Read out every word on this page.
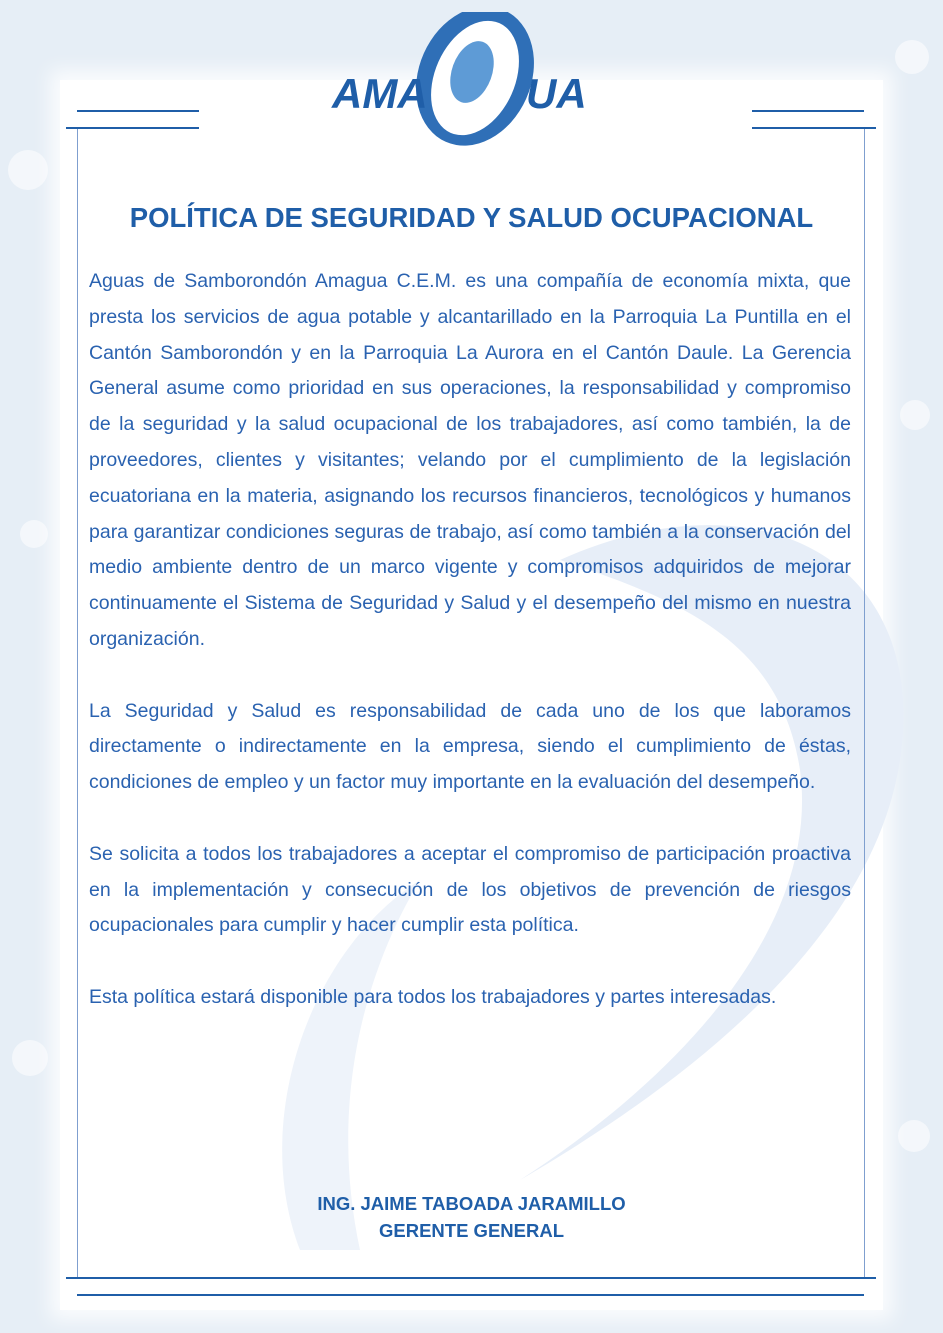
AMA UA
POLÍTICA DE SEGURIDAD Y SALUD OCUPACIONAL

Aguas de Samborondón Amagua C.E.M. es una compañía de economía mixta, que presta los servicios de agua potable y alcantarillado en la Parroquia La Puntilla en el Cantón Samborondón y en la Parroquia La Aurora en el Cantón Daule. La Gerencia General asume como prioridad en sus operaciones, la responsabilidad y compromiso de la seguridad y la salud ocupacional de los trabajadores, así como también, la de proveedores, clientes y visitantes; velando por el cumplimiento de la legislación ecuatoriana en la materia, asignando los recursos financieros, tecnológicos y humanos para garantizar condiciones seguras de trabajo, así como también a la conservación del medio ambiente dentro de un marco vigente y compromisos adquiridos de mejorar continuamente el Sistema de Seguridad y Salud y el desempeño del mismo en nuestra organización.

La Seguridad y Salud es responsabilidad de cada uno de los que laboramos directamente o indirectamente en la empresa, siendo el cumplimiento de éstas, condiciones de empleo y un factor muy importante en la evaluación del desempeño.

Se solicita a todos los trabajadores a aceptar el compromiso de participación proactiva en la implementación y consecución de los objetivos de prevención de riesgos ocupacionales para cumplir y hacer cumplir esta política.

Esta política estará disponible para todos los trabajadores y partes interesadas.

ING. JAIME TABOADA JARAMILLO
GERENTE GENERAL
